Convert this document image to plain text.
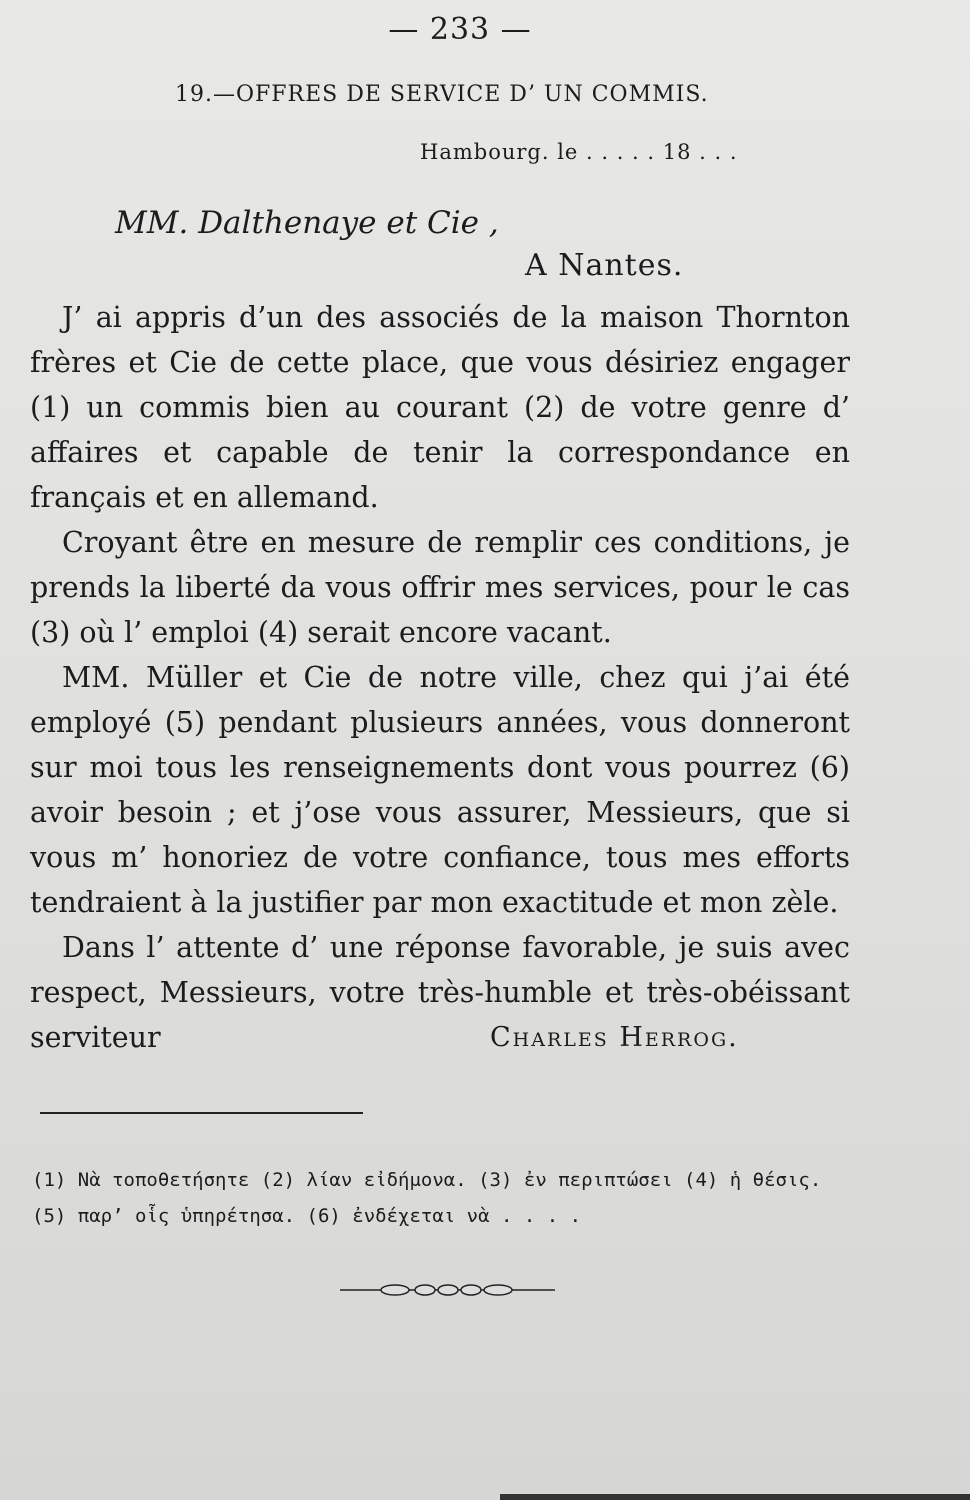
— 233 —
19.—OFFRES DE SERVICE D’ UN COMMIS.
Hambourg. le . . . . . 18 . . .
MM. Dalthenaye et Cie ,
A Nantes.

J’ ai appris d’un des associés de la maison Thornton frères et Cie de cette place, que vous désiriez engager (1) un commis bien au courant (2) de votre genre d’ affaires et capable de tenir la correspondance en français et en allemand.

Croyant être en mesure de remplir ces conditions, je prends la liberté da vous offrir mes services, pour le cas (3) où l’ emploi (4) serait encore vacant.

MM. Müller et Cie de notre ville, chez qui j’ai été employé (5) pendant plusieurs années, vous donneront sur moi tous les renseignements dont vous pourrez (6) avoir besoin ; et j’ose vous assurer, Messieurs, que si vous m’ honoriez de votre confiance, tous mes efforts tendraient à la justifier par mon exactitude et mon zèle.

Dans l’ attente d’ une réponse favorable, je suis avec respect, Messieurs, votre très-humble et très-obéissant serviteur	Charles Herrog.
(1) Νὰ τοποθετήσητε (2) λίαν εἰδήμονα. (3) ἐν περιπτώσει (4) ἡ θέσις.
(5) παρ’ οἷς ὑπηρέτησα. (6) ἐνδέχεται νὰ . . . .
